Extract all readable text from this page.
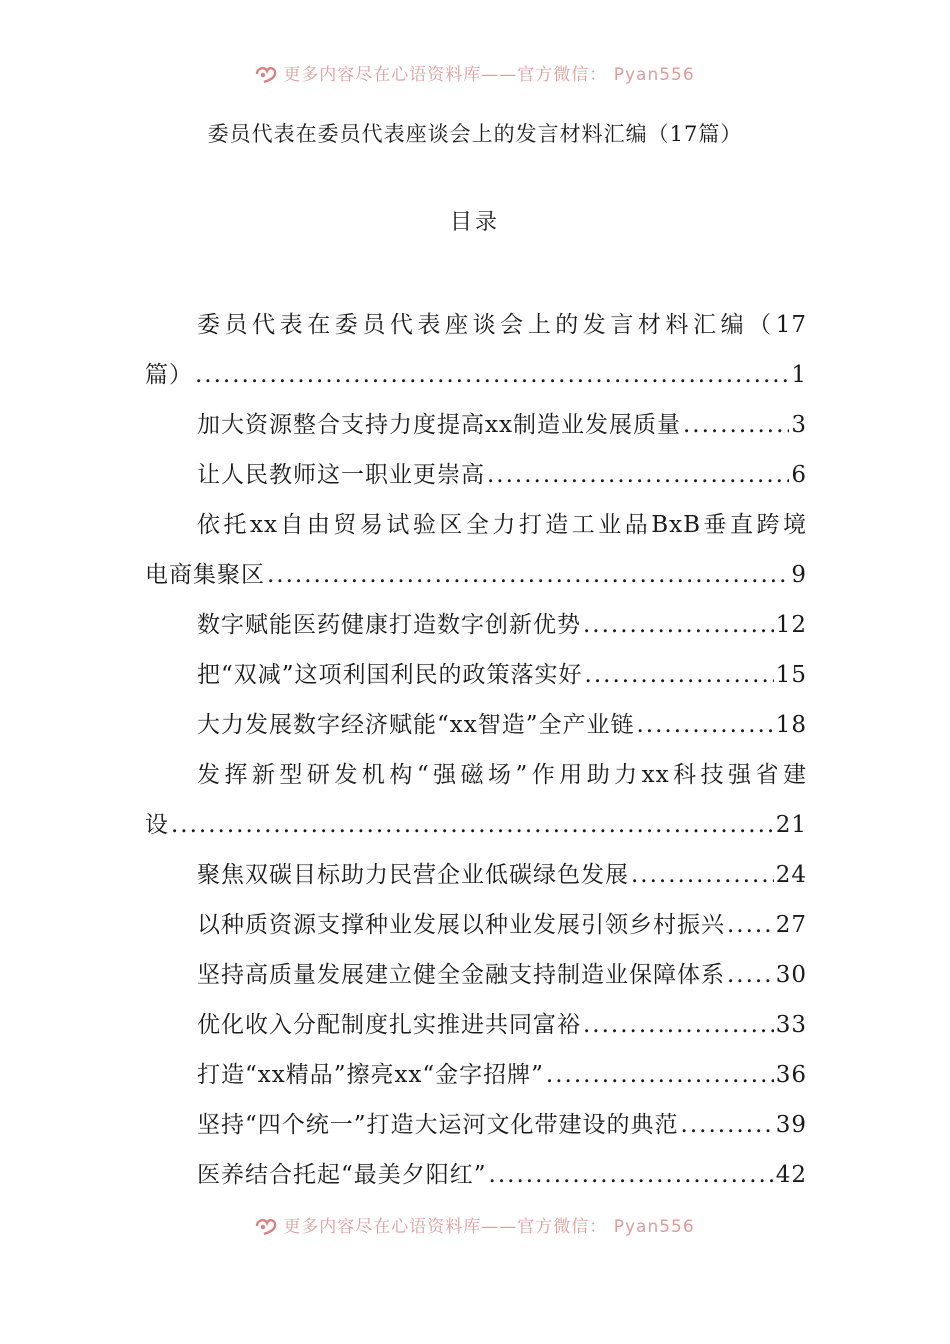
更多内容尽在心语资料库——官方微信： Pyan556
委员代表在委员代表座谈会上的发言材料汇编（17篇）
目录
委员代表在委员代表座谈会上的发言材料汇编（17
篇） .....	1
加大资源整合支持力度提高xx制造业发展质量 .....	3
让人民教师这一职业更崇高 .....	6
依托xx自由贸易试验区全力打造工业品BxB垂直跨境
电商集聚区 .....	9
数字赋能医药健康打造数字创新优势 .....	12
把“双减”这项利国利民的政策落实好 .....	15
大力发展数字经济赋能“xx智造”全产业链 .....	18
发挥新型研发机构“强磁场”作用助力xx科技强省建
设 .....	21
聚焦双碳目标助力民营企业低碳绿色发展 .....	24
以种质资源支撑种业发展以种业发展引领乡村振兴 ..... 27
坚持高质量发展建立健全金融支持制造业保障体系 ..... 30
优化收入分配制度扎实推进共同富裕 .....	33
打造“xx精品”擦亮xx“金字招牌” .....	36
坚持“四个统一”打造大运河文化带建设的典范 .....	39
医养结合托起“最美夕阳红” .....	42
更多内容尽在心语资料库——官方微信： Pyan556
